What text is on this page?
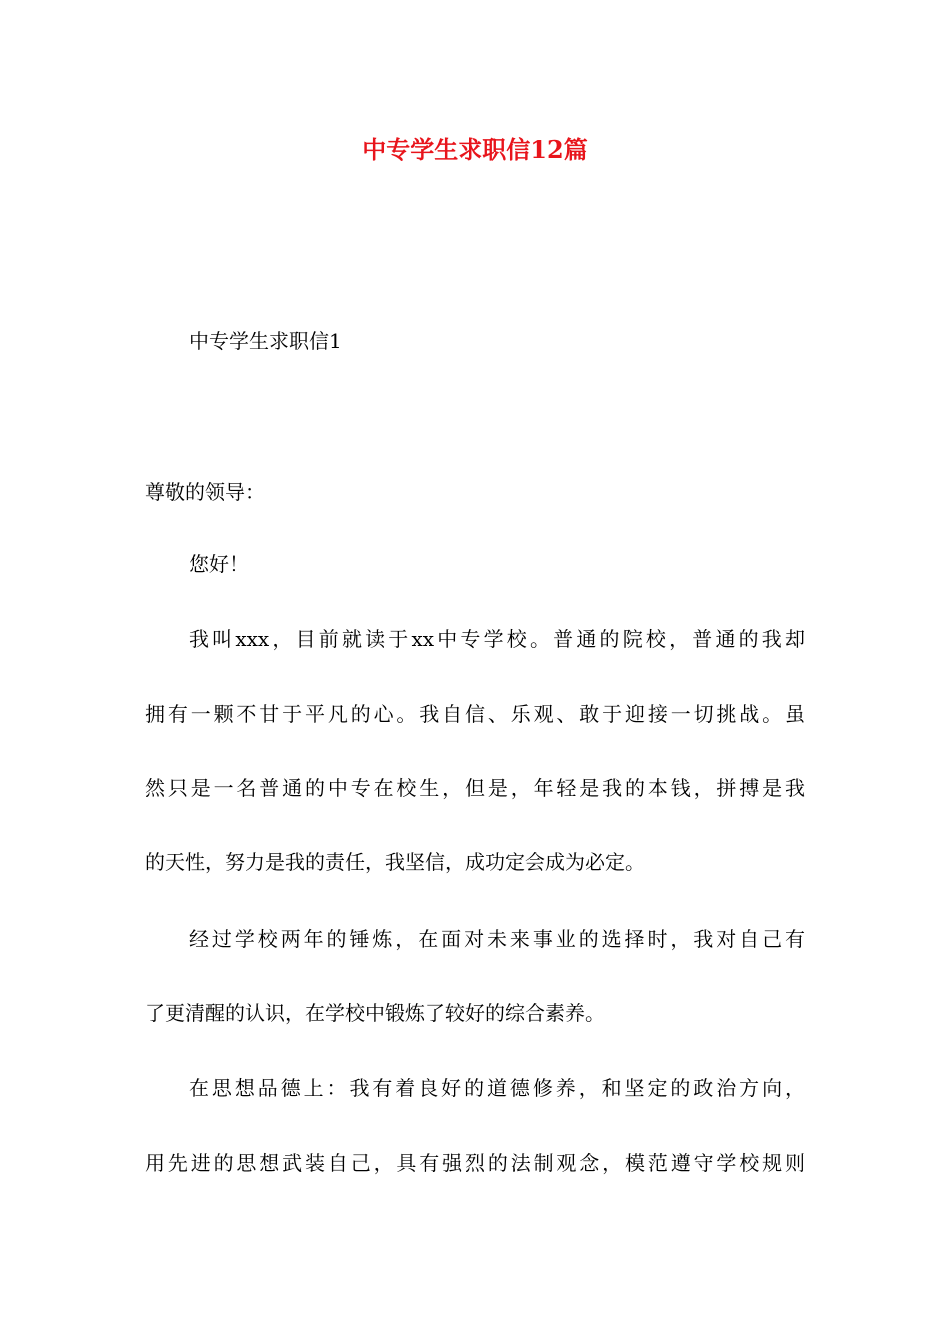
中专学生求职信12篇

中专学生求职信1

尊敬的领导：

您好！

我叫xxx，目前就读于xx中专学校。普通的院校，普通的我却

拥有一颗不甘于平凡的心。我自信、乐观、敢于迎接一切挑战。虽

然只是一名普通的中专在校生，但是，年轻是我的本钱，拼搏是我

的天性，努力是我的责任，我坚信，成功定会成为必定。

经过学校两年的锤炼，在面对未来事业的选择时，我对自己有

了更清醒的认识，在学校中锻炼了较好的综合素养。

在思想品德上：我有着良好的道德修养，和坚定的政治方向，

用先进的思想武装自己，具有强烈的法制观念，模范遵守学校规则
